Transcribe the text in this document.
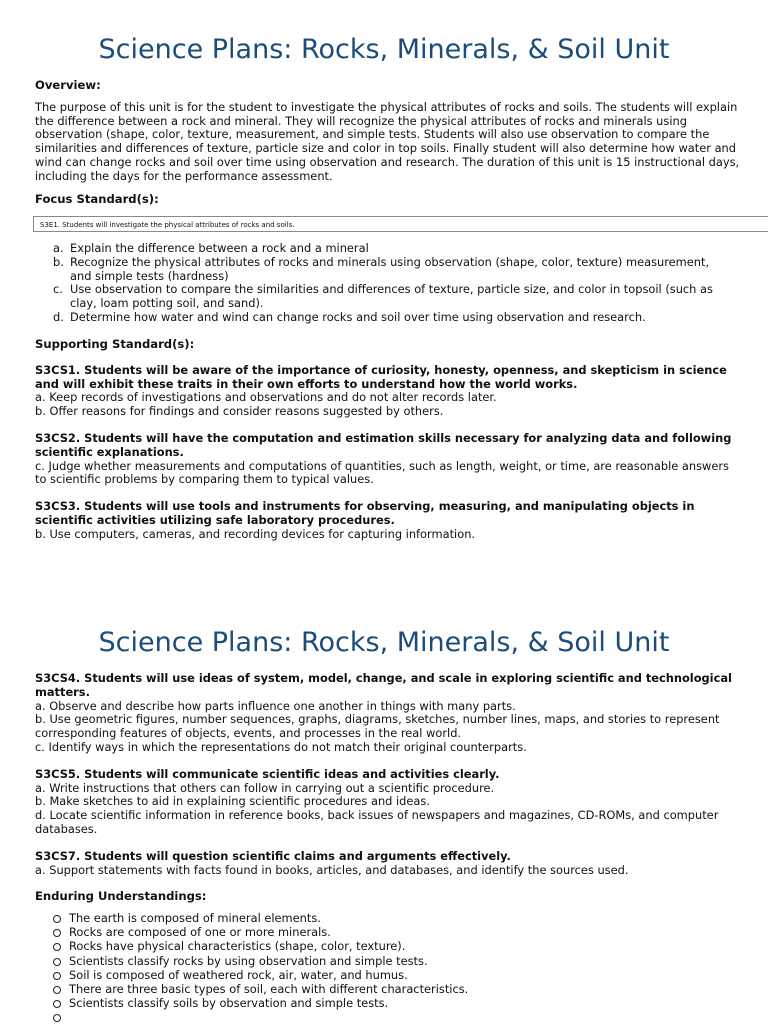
Science Plans: Rocks, Minerals, & Soil Unit

Overview:

The purpose of this unit is for the student to investigate the physical attributes of rocks and soils. The students will explain the difference between a rock and mineral. They will recognize the physical attributes of rocks and minerals using observation (shape, color, texture, measurement, and simple tests. Students will also use observation to compare the similarities and differences of texture, particle size and color in top soils. Finally student will also determine how water and wind can change rocks and soil over time using observation and research. The duration of this unit is 15 instructional days, including the days for the performance assessment.

Focus Standard(s):

S3E1. Students will investigate the physical attributes of rocks and soils.
a. Explain the difference between a rock and a mineral
b. Recognize the physical attributes of rocks and minerals using observation (shape, color, texture) measurement, and simple tests (hardness)
c. Use observation to compare the similarities and differences of texture, particle size, and color in topsoil (such as clay, loam potting soil, and sand).
d. Determine how water and wind can change rocks and soil over time using observation and research.

Supporting Standard(s):

S3CS1. Students will be aware of the importance of curiosity, honesty, openness, and skepticism in science and will exhibit these traits in their own efforts to understand how the world works.

a. Keep records of investigations and observations and do not alter records later.

b. Offer reasons for findings and consider reasons suggested by others.

S3CS2. Students will have the computation and estimation skills necessary for analyzing data and following scientific explanations.

c. Judge whether measurements and computations of quantities, such as length, weight, or time, are reasonable answers to scientific problems by comparing them to typical values.

S3CS3. Students will use tools and instruments for observing, measuring, and manipulating objects in scientific activities utilizing safe laboratory procedures.

b. Use computers, cameras, and recording devices for capturing information.

Science Plans: Rocks, Minerals, & Soil Unit

S3CS4. Students will use ideas of system, model, change, and scale in exploring scientific and technological matters.

a. Observe and describe how parts influence one another in things with many parts.

b. Use geometric figures, number sequences, graphs, diagrams, sketches, number lines, maps, and stories to represent corresponding features of objects, events, and processes in the real world.

c. Identify ways in which the representations do not match their original counterparts.

S3CS5. Students will communicate scientific ideas and activities clearly.

a. Write instructions that others can follow in carrying out a scientific procedure.

b. Make sketches to aid in explaining scientific procedures and ideas.

d. Locate scientific information in reference books, back issues of newspapers and magazines, CD-ROMs, and computer databases.

S3CS7. Students will question scientific claims and arguments effectively.

a. Support statements with facts found in books, articles, and databases, and identify the sources used.

Enduring Understandings:

The earth is composed of mineral elements.
Rocks are composed of one or more minerals.
Rocks have physical characteristics (shape, color, texture).
Scientists classify rocks by using observation and simple tests.
Soil is composed of weathered rock, air, water, and humus.
There are three basic types of soil, each with different characteristics.
Scientists classify soils by observation and simple tests.
